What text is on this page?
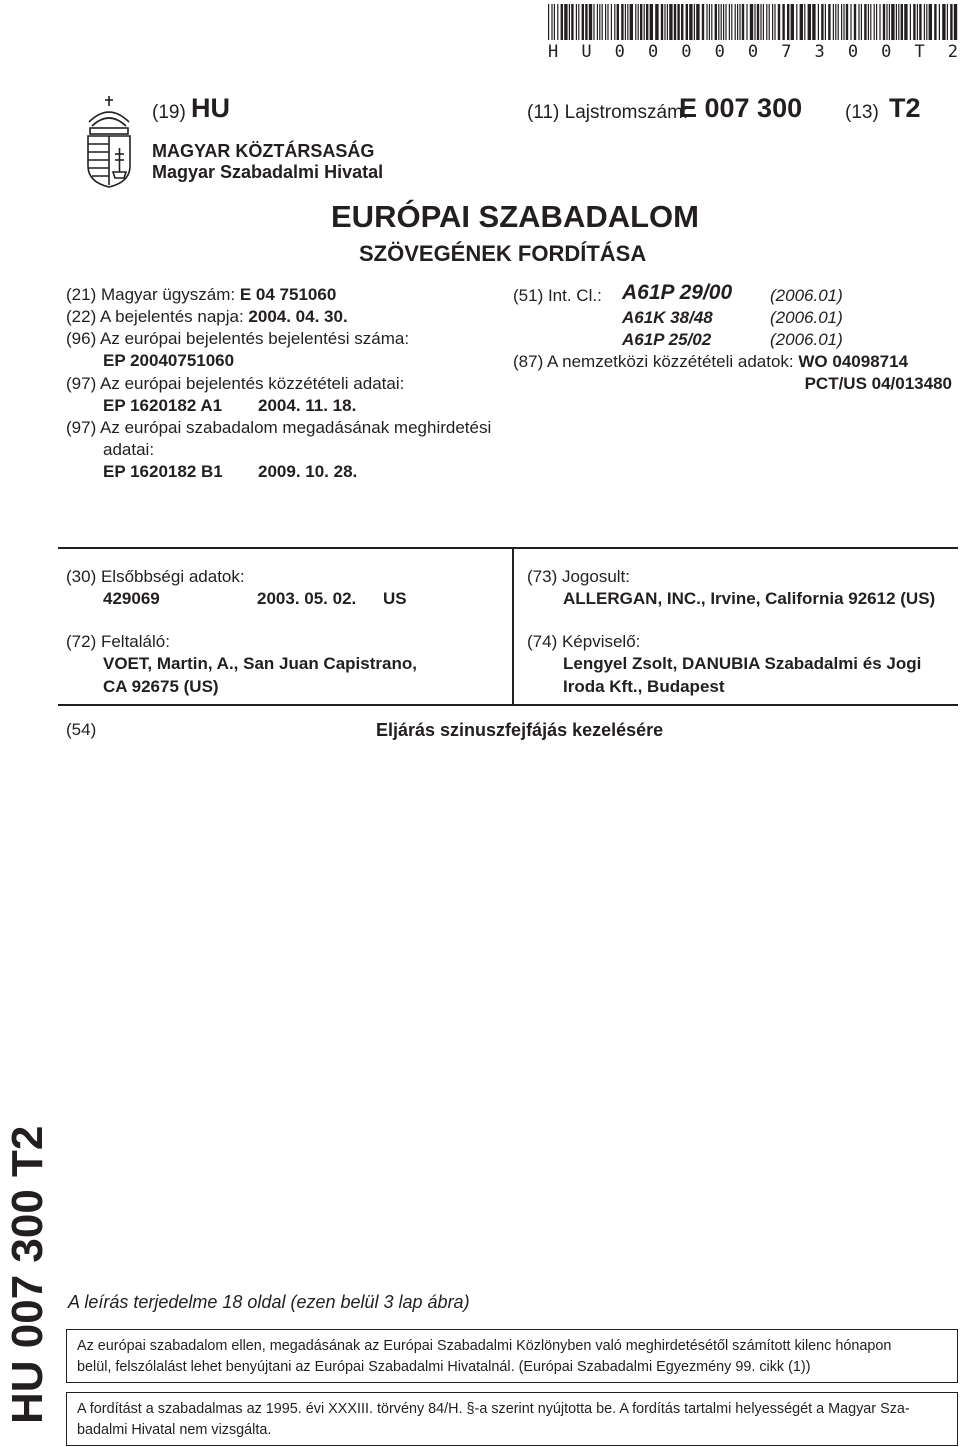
H U 0 0 0 0 0 7 3 0 0 T 2
(19) HU	(11) Lajstromszám:
E 007 300 (13) T2
MAGYAR KÖZTÁRSASÁG
Magyar Szabadalmi Hivatal
EURÓPAI SZABADALOM
SZÖVEGÉNEK FORDÍTÁSA
(21) Magyar ügyszám: E 04 751060
(22) A bejelentés napja: 2004. 04. 30.
(96) Az európai bejelentés bejelentési száma:
EP 20040751060
(97) Az európai bejelentés közzétételi adatai:
EP 1620182 A1 2004. 11. 18.
(97) Az európai szabadalom megadásának meghirdetési
adatai:
EP 1620182 B1 2009. 10. 28.
(51) Int. Cl.: A61P 29/00 (2006.01)
A61K 38/48	(2006.01)
A61P 25/02	(2006.01)
(87) A nemzetközi közzétételi adatok: WO 04098714
PCT/US 04/013480
(30) Elsőbbségi adatok:
429069	2003. 05. 02. US
(72) Feltaláló:
VOET, Martin, A., San Juan Capistrano,
CA 92675 (US)
(73) Jogosult:
ALLERGAN, INC., Irvine, California 92612 (US)
(74) Képviselő:
Lengyel Zsolt, DANUBIA Szabadalmi és Jogi
Iroda Kft., Budapest
(54)	Eljárás szinuszfejfájás kezelésére
HU 007 300 T2 A leírás terjedelme 18 oldal (ezen belül 3 lap ábra)
Az európai szabadalom ellen, megadásának az Európai Szabadalmi Közlönyben való meghirdetésétől számított kilenc hónapon
belül, felszólalást lehet benyújtani az Európai Szabadalmi Hivatalnál. (Európai Szabadalmi Egyezmény 99. cikk (1))
A fordítást a szabadalmas az 1995. évi XXXIII. törvény 84/H. §-a szerint nyújtotta be. A fordítás tartalmi helyességét a Magyar Sza-
badalmi Hivatal nem vizsgálta.
